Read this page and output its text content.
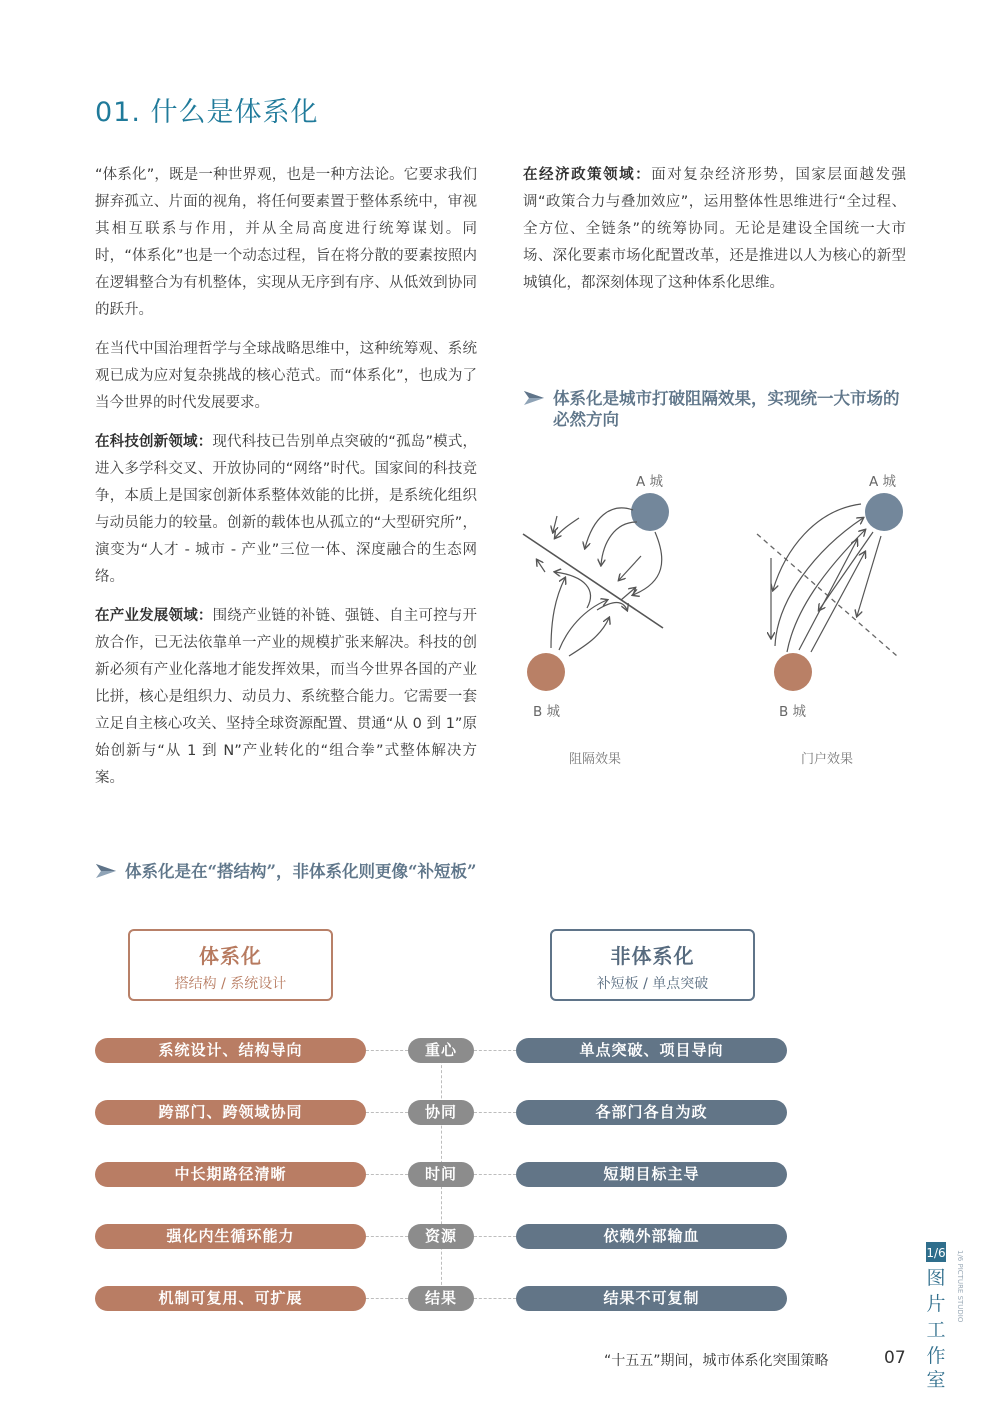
01. 什么是体系化

“体系化”，既是一种世界观，也是一种方法论。它要求我们摒弃孤立、片面的视角，将任何要素置于整体系统中，审视其相互联系与作用，并从全局高度进行统筹谋划。同时，“体系化”也是一个动态过程，旨在将分散的要素按照内在逻辑整合为有机整体，实现从无序到有序、从低效到协同的跃升。

在当代中国治理哲学与全球战略思维中，这种统筹观、系统观已成为应对复杂挑战的核心范式。而“体系化”，也成为了当今世界的时代发展要求。

在科技创新领域：现代科技已告别单点突破的“孤岛”模式，进入多学科交叉、开放协同的“网络”时代。国家间的科技竞争，本质上是国家创新体系整体效能的比拼，是系统化组织与动员能力的较量。创新的载体也从孤立的“大型研究所”，演变为“人才 - 城市 - 产业”三位一体、深度融合的生态网络。

在产业发展领域：围绕产业链的补链、强链、自主可控与开放合作，已无法依靠单一产业的规模扩张来解决。科技的创新必须有产业化落地才能发挥效果，而当今世界各国的产业比拼，核心是组织力、动员力、系统整合能力。它需要一套立足自主核心攻关、坚持全球资源配置、贯通“从 0 到 1”原始创新与“从 1 到 N”产业转化的“组合拳”式整体解决方案。

在经济政策领域：面对复杂经济形势，国家层面越发强调“政策合力与叠加效应”，运用整体性思维进行“全过程、全方位、全链条”的统筹协同。无论是建设全国统一大市场、深化要素市场化配置改革，还是推进以人为核心的新型城镇化，都深刻体现了这种体系化思维。

体系化是城市打破阻隔效果，实现统一大市场的必然方向
A 城
B 城
A 城
B 城
阻隔效果	门户效果
体系化是在“搭结构”，非体系化则更像“补短板”
体系化
搭结构 / 系统设计
非体系化
补短板 / 单点突破
系统设计、结构导向	重心	单点突破、项目导向
跨部门、跨领域协同	协同	各部门各自为政
中长期路径清晰	时间	短期目标主导
强化内生循环能力	资源	依赖外部输血
机制可复用、可扩展	结果	结果不可复制
“十五五”期间，城市体系化突围策略	07
1/6
图
片
工
作
室
1/6 PICTURE STUDIO
